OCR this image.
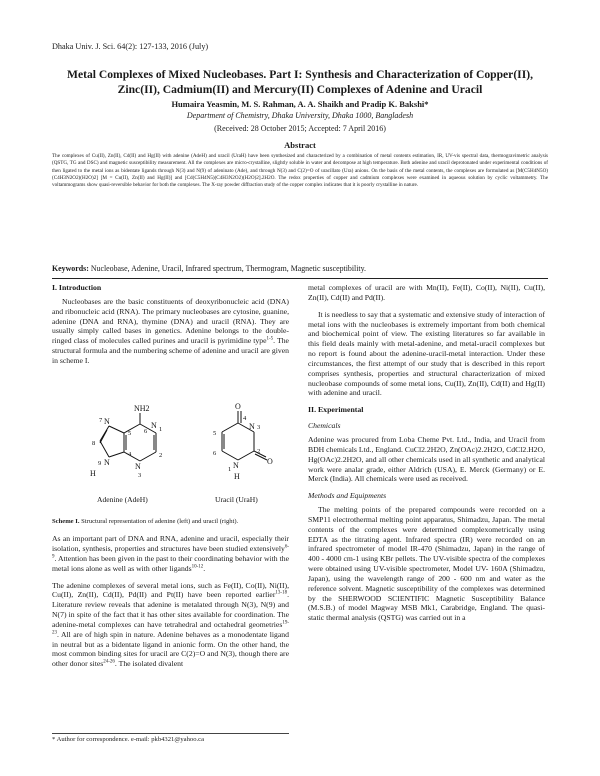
Dhaka Univ. J. Sci. 64(2): 127-133, 2016 (July)
Metal Complexes of Mixed Nucleobases. Part I: Synthesis and Characterization of Copper(II), Zinc(II), Cadmium(II) and Mercury(II) Complexes of Adenine and Uracil
Humaira Yeasmin, M. S. Rahman, A. A. Shaikh and Pradip K. Bakshi*
Department of Chemistry, Dhaka University, Dhaka 1000, Bangladesh
(Received: 28 October 2015; Accepted: 7 April 2016)
Abstract

The complexes of Cu(II), Zn(II), Cd(II) and Hg(II) with adenine (AdeH) and uracil (UraH) have been synthesized and characterized by a combination of metal contents estimation, IR, UV-vis spectral data, thermogravimetric analysis (QSTG, TG and DSC) and magnetic susceptibility measurement. All the complexes are micro-crystalline, slightly soluble in water and decompose at high temperature. Both adenine and uracil deprotonated under experimental conditions of then ligated to the metal ions as bidentate ligands through N(3) and N(9) of adeninato (Ade), and through N(3) and C(2)=O of uracillato (Ura) anions. On the basis of the metal contents, the complexes are formulated as [M(C5H4N5O)(C4H3N2O2)(H2O)2] [M = Cu(II), Zn(II) and Hg(II)] and [Cd(C5H4N5)(C4H3N2O2)(H2O)2].2H2O. The redox properties of copper and cadmium complexes were examined in aqueous solution by cyclic voltammetry. The voltammograms show quasi-reversible behavior for both the complexes. The X-ray powder diffraction study of the copper complex indicates that it is poorly crystalline in nature.

Keywords: Nucleobase, Adenine, Uracil, Infrared spectrum, Thermogram, Magnetic susceptibility.
I. Introduction

Nucleobases are the basic constituents of deoxyribonucleic acid (DNA) and ribonucleic acid (RNA). The primary nucleobases are cytosine, guanine, adenine (DNA and RNA), thymine (DNA) and uracil (RNA). They are usually simply called bases in genetics. Adenine belongs to the double-ringed class of molecules called purines and uracil is pyrimidine type$^{1-5}$. The structural formula and the numbering scheme of adenine and uracil are given in scheme I.

NH2
N
N
N
N
H
O
O
N
N
H
1
2
3
4
5 6
7
8
9
1
2
3
4
5
6
Adenine (AdeH)	Uracil (UraH)

Scheme I. Structural representation of adenine (left) and uracil (right).

As an important part of DNA and RNA, adenine and uracil, especially their isolation, synthesis, properties and structures have been studied extensively$^{6-9}$. Attention has been given in the past to their coordinating behavior with the metal ions alone as well as with other ligands$^{10-12}$.

The adenine complexes of several metal ions, such as Fe(II), Co(II), Ni(II), Cu(II), Zn(II), Cd(II), Pd(II) and Pt(II) have been reported earlier$^{13-18}$. Literature review reveals that adenine is metalated through N(3), N(9) and N(7) in spite of the fact that it has other sites available for coordination. The adenine-metal complexes can have tetrahedral and octahedral geometries$^{19-23}$. All are of high spin in nature. Adenine behaves as a monodentate ligand in neutral but as a bidentate ligand in anionic form. On the other hand, the most common binding sites for uracil are C(2)=O and N(3), though there are other donor sites$^{24-26}$. The isolated divalent

* Author for correspondence. e-mail: pkb4321@yahoo.ca

metal complexes of uracil are with Mn(II), Fe(II), Co(II), Ni(II), Cu(II), Zn(II), Cd(II) and Pd(II).

It is needless to say that a systematic and extensive study of interaction of metal ions with the nucleobases is extremely important from both chemical and biochemical point of view. The existing literatures so far available in this field deals mainly with metal-adenine, and metal-uracil complexes but no report is found about the adenine-uracil-metal interaction. Under these circumstances, the first attempt of our study that is described in this report comprises synthesis, properties and structural characterization of mixed nucleobase compounds of some metal ions, Cu(II), Zn(II), Cd(II) and Hg(II) with adenine and uracil.

II. Experimental
Chemicals

Adenine was procured from Loba Cheme Pvt. Ltd., India, and Uracil from BDH chemicals Ltd., England. CuCl2.2H2O, Zn(OAc)2.2H2O, CdCl2.H2O, Hg(OAc)2.2H2O, and all other chemicals used in all synthetic and analytical work were analar grade, either Aldrich (USA), E. Merck (Germany) or E. Merck (India). All chemicals were used as received.

Methods and Equipments

The melting points of the prepared compounds were recorded on a SMP11 electrothermal melting point apparatus, Shimadzu, Japan. The metal contents of the complexes were determined complexometrically using EDTA as the titrating agent. Infrared spectra (IR) were recorded on an infrared spectrometer of model IR-470 (Shimadzu, Japan) in the range of 400 - 4000 cm-1 using KBr pellets. The UV-visible spectra of the complexes were obtained using UV-visible spectrometer, Model UV- 160A (Shimadzu, Japan), using the wavelength range of 200 - 600 nm and water as the reference solvent. Magnetic susceptibility of the complexes was determined by the SHERWOOD SCIENTIFIC Magnetic Susceptibility Balance (M.S.B.) of model Magway MSB Mk1, Carabridge, England. The quasi-static thermal analysis (QSTG) was carried out in a
